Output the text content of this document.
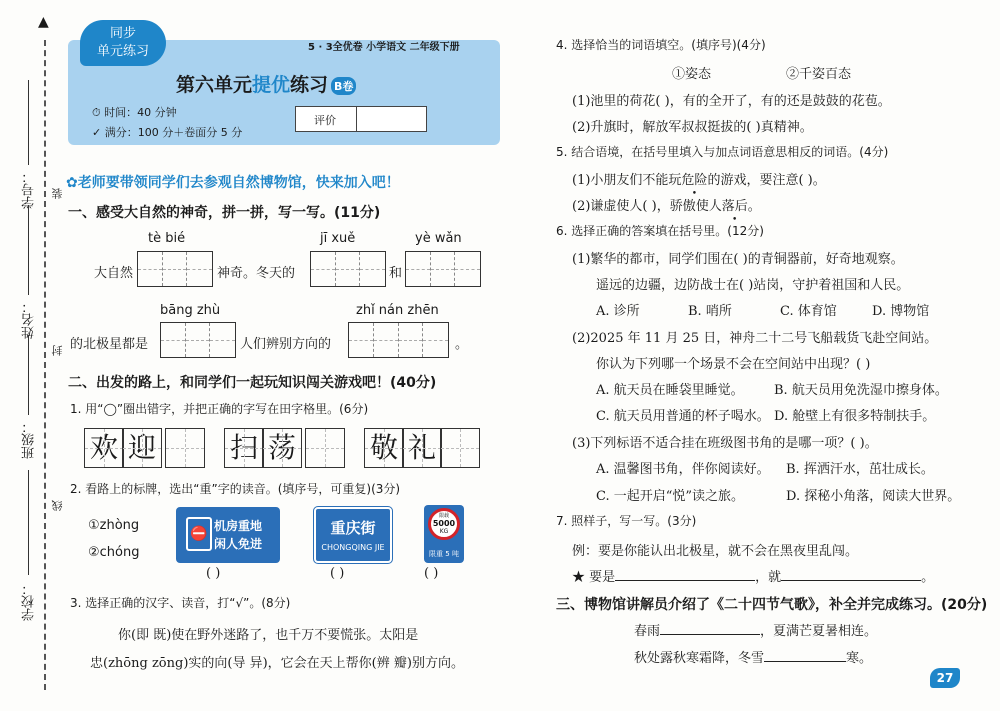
▲
学号：
姓名：
班级：
学校：
装
封
线
同步
单元练习	5 · 3全优卷 小学语文 二年级下册
第六单元提优练习 B卷
⏱ 时间：40 分钟
✓ 满分：100 分＋卷面分 5 分
评价
✿老师要带领同学们去参观自然博物馆，快来加入吧！
一、感受大自然的神奇，拼一拼，写一写。(11分)
tè bié	jī xuě	yè wǎn
大自然	神奇。冬天的	和
bāng zhù	zhǐ nán zhēn
的北极星都是	人们辨别方向的	。
二、出发的路上，和同学们一起玩知识闯关游戏吧！(40分)
1. 用“◯”圈出错字，并把正确的字写在田字格里。(6分)
欢 迎	扫 荡	敬 礼
2. 看路上的标牌，选出“重”字的读音。(填序号，可重复)(3分)
①zhòng
②chóng
⛔ 机房重地
闲人免进
重庆街
CHONGQING JIE
限载
5000
KG
限重 5 吨
( )	( )	( )
3. 选择正确的汉字、读音，打“√”。(8分)
你(即 既)使在野外迷路了，也千万不要慌张。太阳是
忠(zhōng zōng)实的向(导 异)，它会在天上帮你(辨 瓣)别方向。
4. 选择恰当的词语填空。(填序号)(4分)
①姿态	②千姿百态
(1)池里的荷花( )，有的全开了，有的还是鼓鼓的花苞。
(2)升旗时，解放军叔叔挺拔的( )真精神。
5. 结合语境，在括号里填入与加点词语意思相反的词语。(4分)
(1)小朋友们不能玩危险的游戏，要注意( )。
(2)谦虚使人( )，骄傲使人落后。
6. 选择正确的答案填在括号里。(12分)
(1)繁华的都市，同学们围在( )的青铜器前，好奇地观察。
遥远的边疆，边防战士在( )站岗，守护着祖国和人民。
A. 诊所	B. 哨所	C. 体育馆	D. 博物馆
(2)2025 年 11 月 25 日，神舟二十二号飞船载货飞赴空间站。
你认为下列哪一个场景不会在空间站中出现？( )
A. 航天员在睡袋里睡觉。 B. 航天员用免洗湿巾擦身体。
C. 航天员用普通的杯子喝水。 D. 舱壁上有很多特制扶手。
(3)下列标语不适合挂在班级图书角的是哪一项？( )。
A. 温馨图书角，伴你阅读好。 B. 挥洒汗水，茁壮成长。
C. 一起开启“悦”读之旅。	D. 探秘小角落，阅读大世界。
7. 照样子，写一写。(3分)
例：要是你能认出北极星，就不会在黑夜里乱闯。
★ 要是	，就	。
三、博物馆讲解员介绍了《二十四节气歌》，补全并完成练习。(20分)
春雨	，夏满芒夏暑相连。
秋处露秋寒霜降，冬雪	寒。
27
